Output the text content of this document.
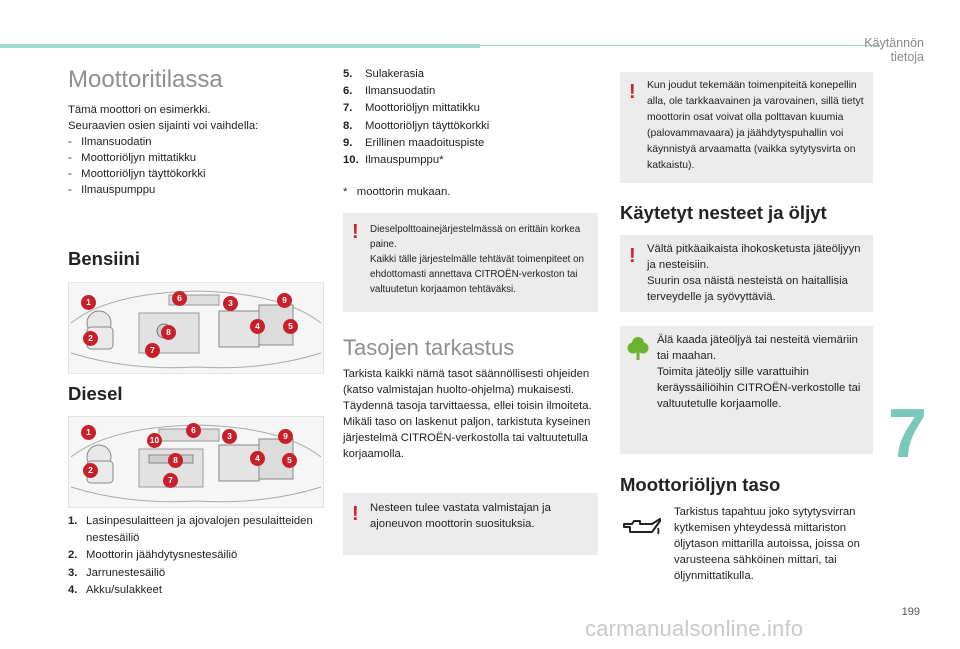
Käytännön tietoja
7
199
carmanualsonline.info
Moottoritilassa

Tämä moottori on esimerkki.

Seuraavien osien sijainti voi vaihdella:

-   Ilmansuodatin

-   Moottoriöljyn mittatikku

-   Moottoriöljyn täyttökorkki

-   Ilmauspumppu

Bensiini
1	6	3	9
4	5
8
2
7
Diesel
1
10
6
3	9
8	4	5
2
7
1. Lasinpesulaitteen ja ajovalojen pesulaitteiden nestesäiliö
2. Moottorin jäähdytysnestesäiliö
3. Jarrunestesäiliö
4. Akku/sulakkeet
5.	Sulakerasia
6.	Ilmansuodatin
7.	Moottoriöljyn mittatikku
8.	Moottoriöljyn täyttökorkki
9.	Erillinen maadoituspiste
10. Ilmauspumppu*
*   moottorin mukaan.
! Dieselpolttoainejärjestelmässä on erittäin korkea paine.
Kaikki tälle järjestelmälle tehtävät toimenpiteet on ehdottomasti annettava CITROËN-verkoston tai valtuutetun korjaamon tehtäväksi.
Tasojen tarkastus

Tarkista kaikki nämä tasot säännöllisesti ohjeiden (katso valmistajan huolto-ohjelma) mukaisesti. Täydennä tasoja tarvittaessa, ellei toisin ilmoiteta.

Mikäli taso on laskenut paljon, tarkistuta kyseinen järjestelmä CITROËN-verkostolla tai valtuutetulla korjaamolla.

! Nesteen tulee vastata valmistajan ja ajoneuvon moottorin suosituksia.
! Kun joudut tekemään toimenpiteitä konepellin alla, ole tarkkaavainen ja varovainen, sillä tietyt moottorin osat voivat olla polttavan kuumia (palovammavaara) ja jäähdytyspuhallin voi käynnistyä arvaamatta (vaikka sytytysvirta on katkaistu).
Käytetyt nesteet ja öljyt
! Vältä pitkäaikaista ihokosketusta jäteöljyyn ja nesteisiin.
Suurin osa näistä nesteistä on haitallisia terveydelle ja syövyttäviä.
Älä kaada jäteöljyä tai nesteitä viemäriin tai maahan.
Toimita jäteöljy sille varattuihin keräyssäiliöihin CITROËN-verkostolle tai valtuutetulle korjaamolle.
Moottoriöljyn taso
Tarkistus tapahtuu joko sytytysvirran kytkemisen yhteydessä mittariston öljytason mittarilla autoissa, joissa on varusteena sähköinen mittari, tai öljynmittatikulla.
